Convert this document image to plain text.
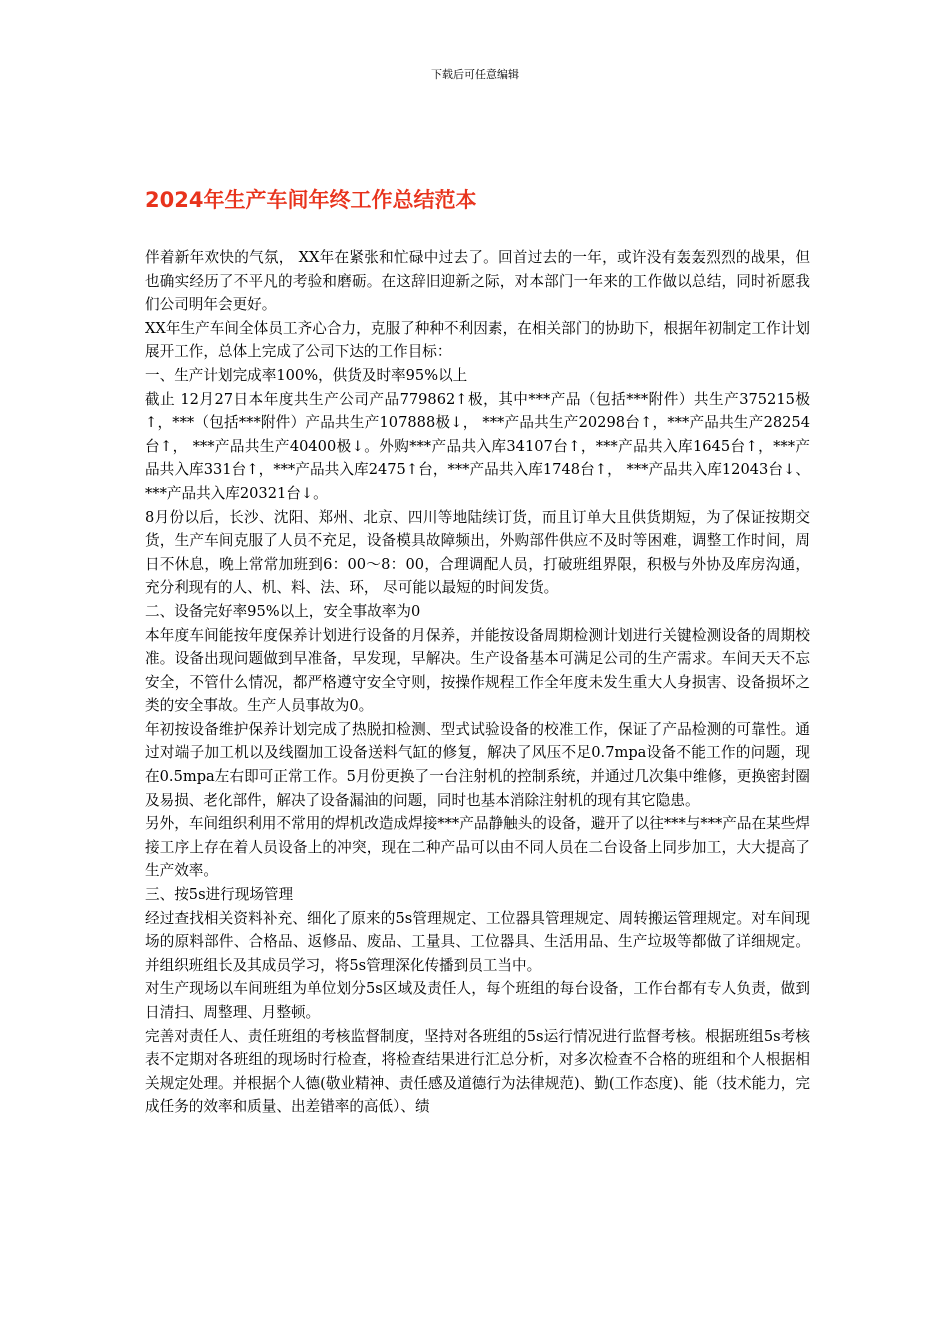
下载后可任意编辑
2024年生产车间年终工作总结范本

伴着新年欢快的气氛， XX年在紧张和忙碌中过去了。回首过去的一年，或许没有轰轰烈烈的战果，但也确实经历了不平凡的考验和磨砺。在这辞旧迎新之际，对本部门一年来的工作做以总结，同时祈愿我们公司明年会更好。

XX年生产车间全体员工齐心合力，克服了种种不利因素，在相关部门的协助下，根据年初制定工作计划展开工作，总体上完成了公司下达的工作目标：

一、生产计划完成率100%，供货及时率95%以上

截止 12月27日本年度共生产公司产品779862↑极，其中***产品（包括***附件）共生产375215极↑，***（包括***附件）产品共生产107888极↓， ***产品共生产20298台↑，***产品共生产28254台↑， ***产品共生产40400极↓。外购***产品共入库34107台↑，***产品共入库1645台↑，***产品共入库331台↑，***产品共入库2475↑台，***产品共入库1748台↑， ***产品共入库12043台↓、***产品共入库20321台↓。

8月份以后，长沙、沈阳、郑州、北京、四川等地陆续订货，而且订单大且供货期短，为了保证按期交货，生产车间克服了人员不充足，设备模具故障频出，外购部件供应不及时等困难，调整工作时间，周日不休息，晚上常常加班到6：00～8：00，合理调配人员，打破班组界限，积极与外协及库房沟通，充分利现有的人、机、料、法、环， 尽可能以最短的时间发货。

二、设备完好率95%以上，安全事故率为0

本年度车间能按年度保养计划进行设备的月保养，并能按设备周期检测计划进行关键检测设备的周期校准。设备出现问题做到早准备，早发现，早解决。生产设备基本可满足公司的生产需求。车间天天不忘安全，不管什么情况，都严格遵守安全守则，按操作规程工作全年度未发生重大人身损害、设备损坏之类的安全事故。生产人员事故为0。

年初按设备维护保养计划完成了热脱扣检测、型式试验设备的校准工作，保证了产品检测的可靠性。通过对端子加工机以及线圈加工设备送料气缸的修复，解决了风压不足0.7mpa设备不能工作的问题，现在0.5mpa左右即可正常工作。5月份更换了一台注射机的控制系统，并通过几次集中维修，更换密封圈及易损、老化部件，解决了设备漏油的问题，同时也基本消除注射机的现有其它隐患。

另外，车间组织利用不常用的焊机改造成焊接***产品静触头的设备，避开了以往***与***产品在某些焊接工序上存在着人员设备上的冲突，现在二种产品可以由不同人员在二台设备上同步加工，大大提高了生产效率。

三、按5s进行现场管理

经过查找相关资料补充、细化了原来的5s管理规定、工位器具管理规定、周转搬运管理规定。对车间现场的原料部件、合格品、返修品、废品、工量具、工位器具、生活用品、生产垃圾等都做了详细规定。并组织班组长及其成员学习，将5s管理深化传播到员工当中。

对生产现场以车间班组为单位划分5s区域及责任人，每个班组的每台设备，工作台都有专人负责，做到日清扫、周整理、月整顿。

完善对责任人、责任班组的考核监督制度，坚持对各班组的5s运行情况进行监督考核。根据班组5s考核表不定期对各班组的现场时行检查，将检查结果进行汇总分析，对多次检查不合格的班组和个人根据相关规定处理。并根据个人德(敬业精神、责任感及道德行为法律规范)、勤(工作态度)、能（技术能力，完成任务的效率和质量、出差错率的高低）、绩
